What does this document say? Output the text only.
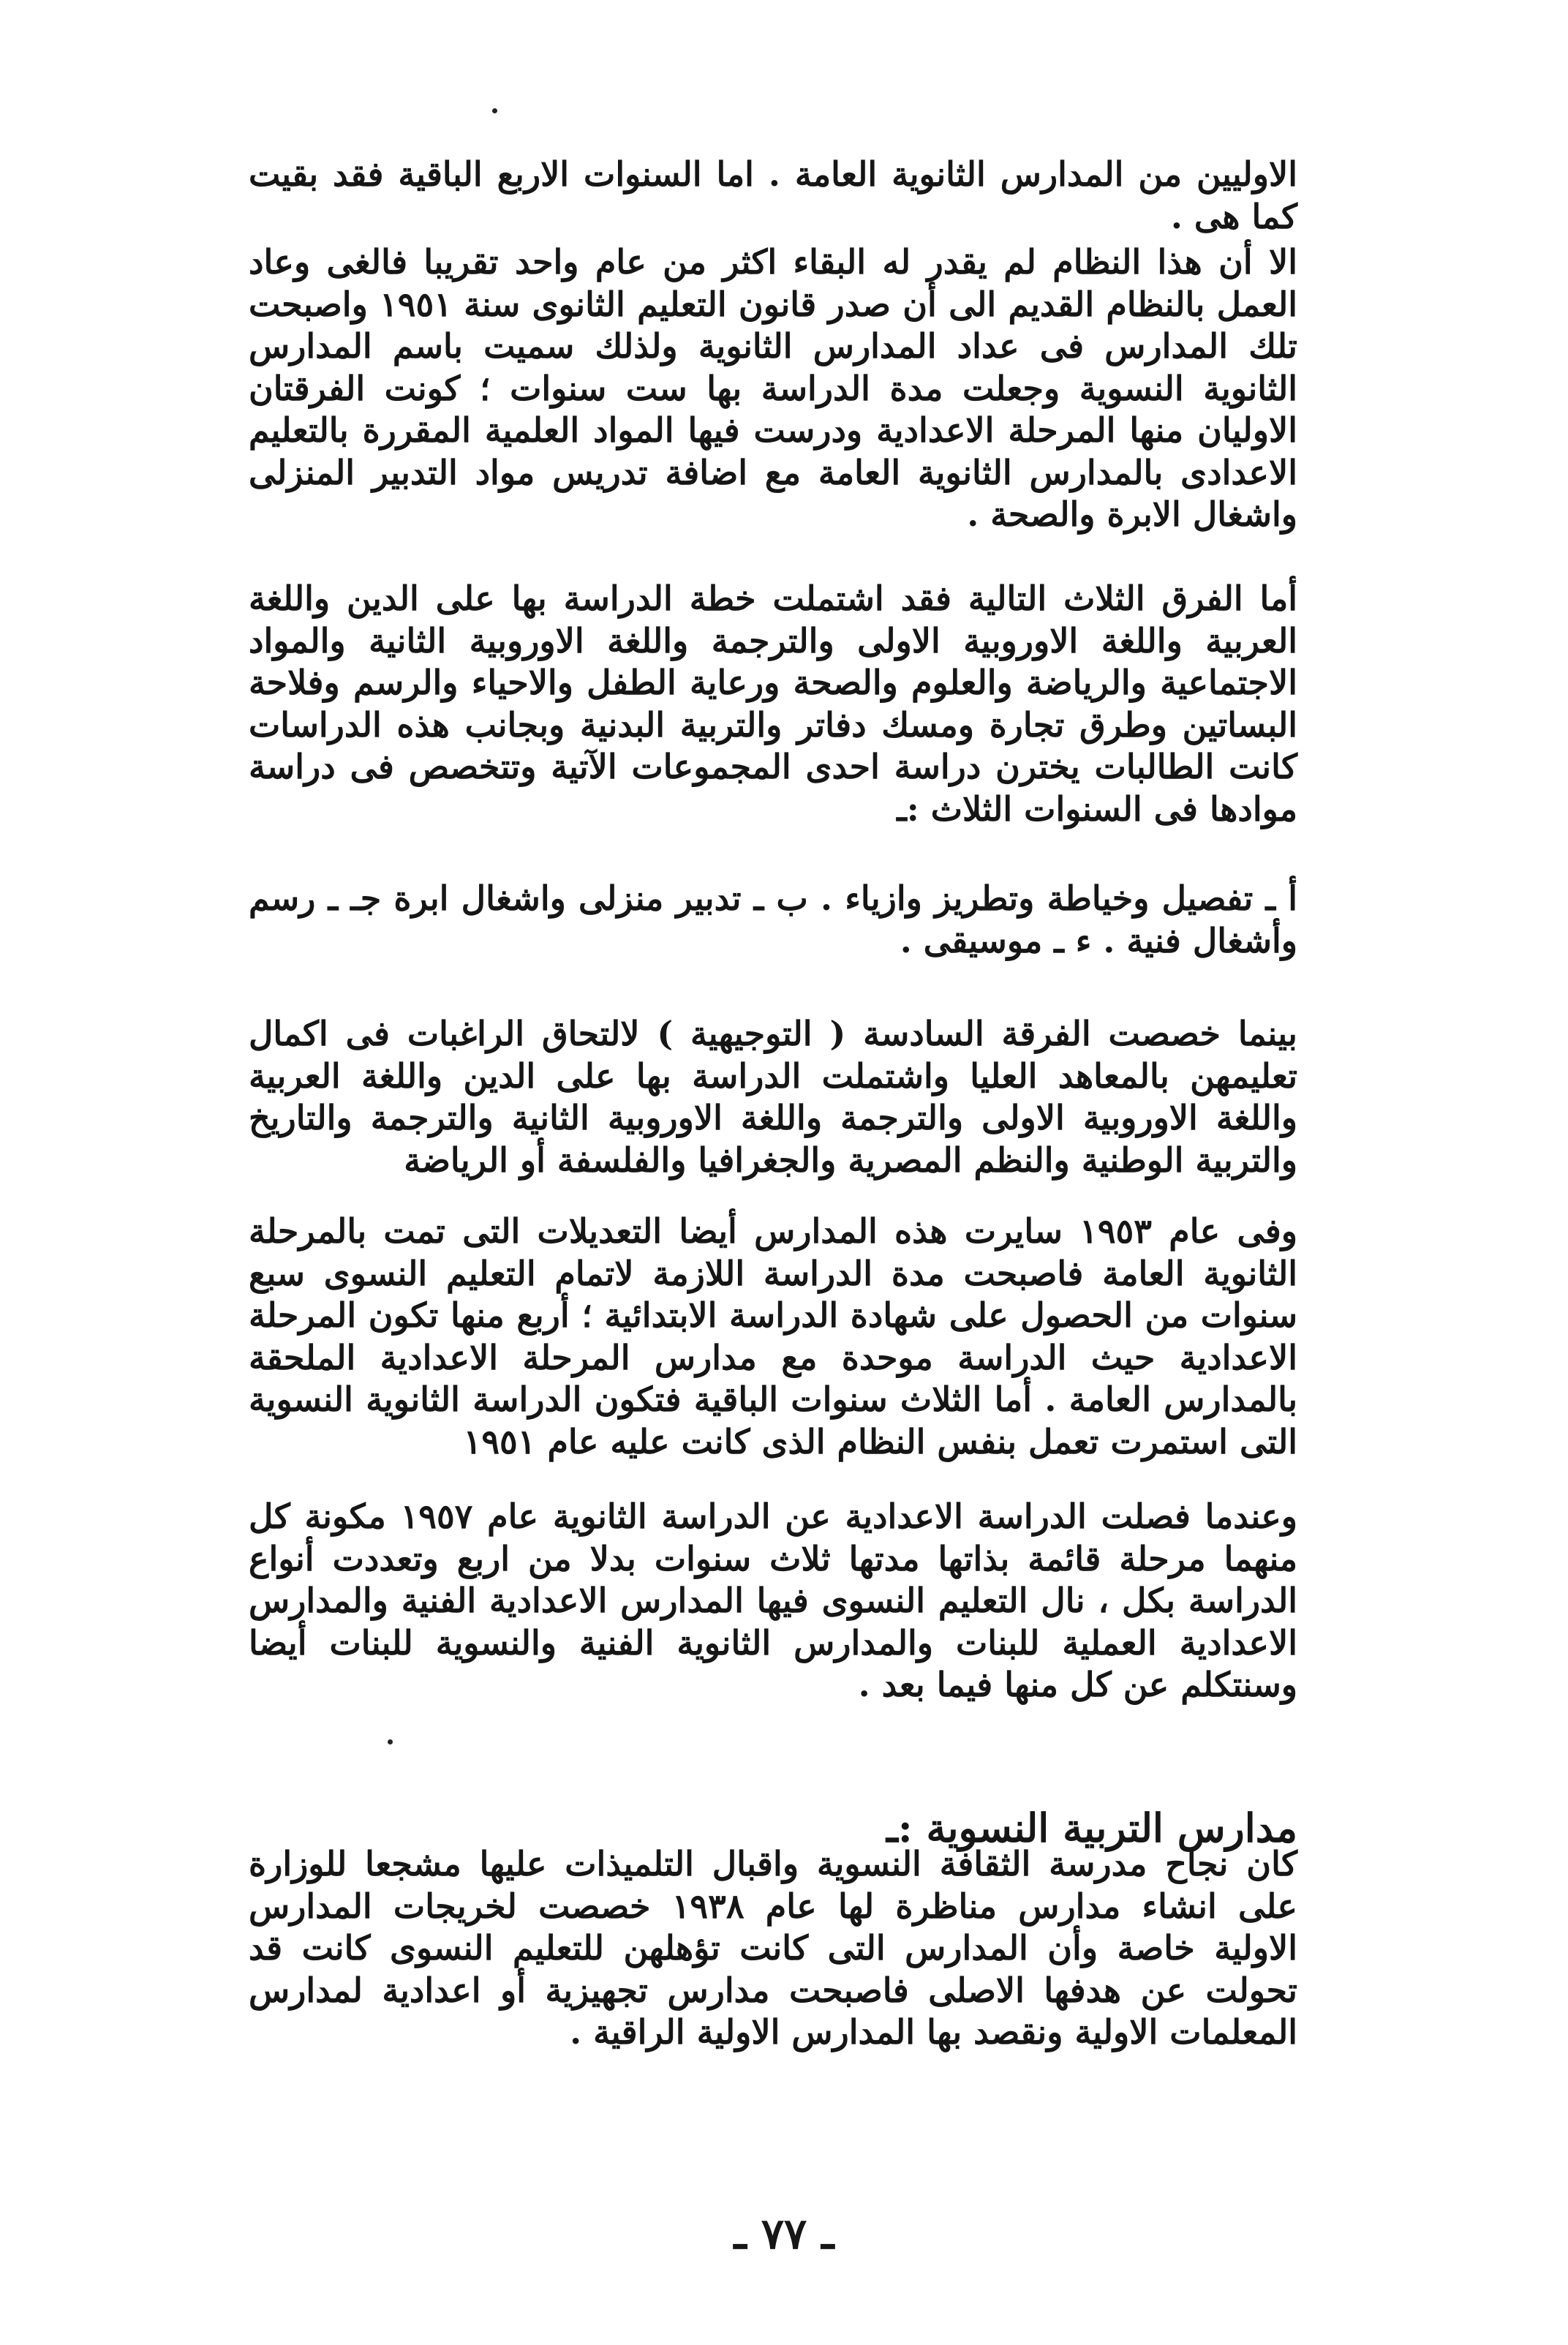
الاوليين من المدارس الثانوية العامة . اما السنوات الاربع الباقية فقد بقيت كما هى .

الا أن هذا النظام لم يقدر له البقاء اكثر من عام واحد تقريبا فالغى وعاد العمل بالنظام القديم الى أن صدر قانون التعليم الثانوى سنة ١٩٥١ واصبحت تلك المدارس فى عداد المدارس الثانوية ولذلك سميت باسم المدارس الثانوية النسوية وجعلت مدة الدراسة بها ست سنوات ؛ كونت الفرقتان الاوليان منها المرحلة الاعدادية ودرست فيها المواد العلمية المقررة بالتعليم الاعدادى بالمدارس الثانوية العامة مع اضافة تدريس مواد التدبير المنزلى واشغال الابرة والصحة .

أما الفرق الثلاث التالية فقد اشتملت خطة الدراسة بها على الدين واللغة العربية واللغة الاوروبية الاولى والترجمة واللغة الاوروبية الثانية والمواد الاجتماعية والرياضة والعلوم والصحة ورعاية الطفل والاحياء والرسم وفلاحة البساتين وطرق تجارة ومسك دفاتر والتربية البدنية وبجانب هذه الدراسات كانت الطالبات يخترن دراسة احدى المجموعات الآتية وتتخصص فى دراسة موادها فى السنوات الثلاث :ـ

أ ـ تفصيل وخياطة وتطريز وازياء . ب ـ تدبير منزلى واشغال ابرة جـ ـ رسم وأشغال فنية . ء ـ موسيقى .

بينما خصصت الفرقة السادسة ( التوجيهية ) لالتحاق الراغبات فى اكمال تعليمهن بالمعاهد العليا واشتملت الدراسة بها على الدين واللغة العربية واللغة الاوروبية الاولى والترجمة واللغة الاوروبية الثانية والترجمة والتاريخ والتربية الوطنية والنظم المصرية والجغرافيا والفلسفة أو الرياضة

وفى عام ١٩٥٣ سايرت هذه المدارس أيضا التعديلات التى تمت بالمرحلة الثانوية العامة فاصبحت مدة الدراسة اللازمة لاتمام التعليم النسوى سبع سنوات من الحصول على شهادة الدراسة الابتدائية ؛ أربع منها تكون المرحلة الاعدادية حيث الدراسة موحدة مع مدارس المرحلة الاعدادية الملحقة بالمدارس العامة . أما الثلاث سنوات الباقية فتكون الدراسة الثانوية النسوية التى استمرت تعمل بنفس النظام الذى كانت عليه عام ١٩٥١

وعندما فصلت الدراسة الاعدادية عن الدراسة الثانوية عام ١٩٥٧ مكونة كل منهما مرحلة قائمة بذاتها مدتها ثلاث سنوات بدلا من اربع وتعددت أنواع الدراسة بكل ، نال التعليم النسوى فيها المدارس الاعدادية الفنية والمدارس الاعدادية العملية للبنات والمدارس الثانوية الفنية والنسوية للبنات أيضا وسنتكلم عن كل منها فيما بعد .

مدارس التربية النسوية :ـ

كان نجاح مدرسة الثقافة النسوية واقبال التلميذات عليها مشجعا للوزارة على انشاء مدارس مناظرة لها عام ١٩٣٨ خصصت لخريجات المدارس الاولية خاصة وأن المدارس التى كانت تؤهلهن للتعليم النسوى كانت قد تحولت عن هدفها الاصلى فاصبحت مدارس تجهيزية أو اعدادية لمدارس المعلمات الاولية ونقصد بها المدارس الاولية الراقية .

ـ ٧٧ ـ
